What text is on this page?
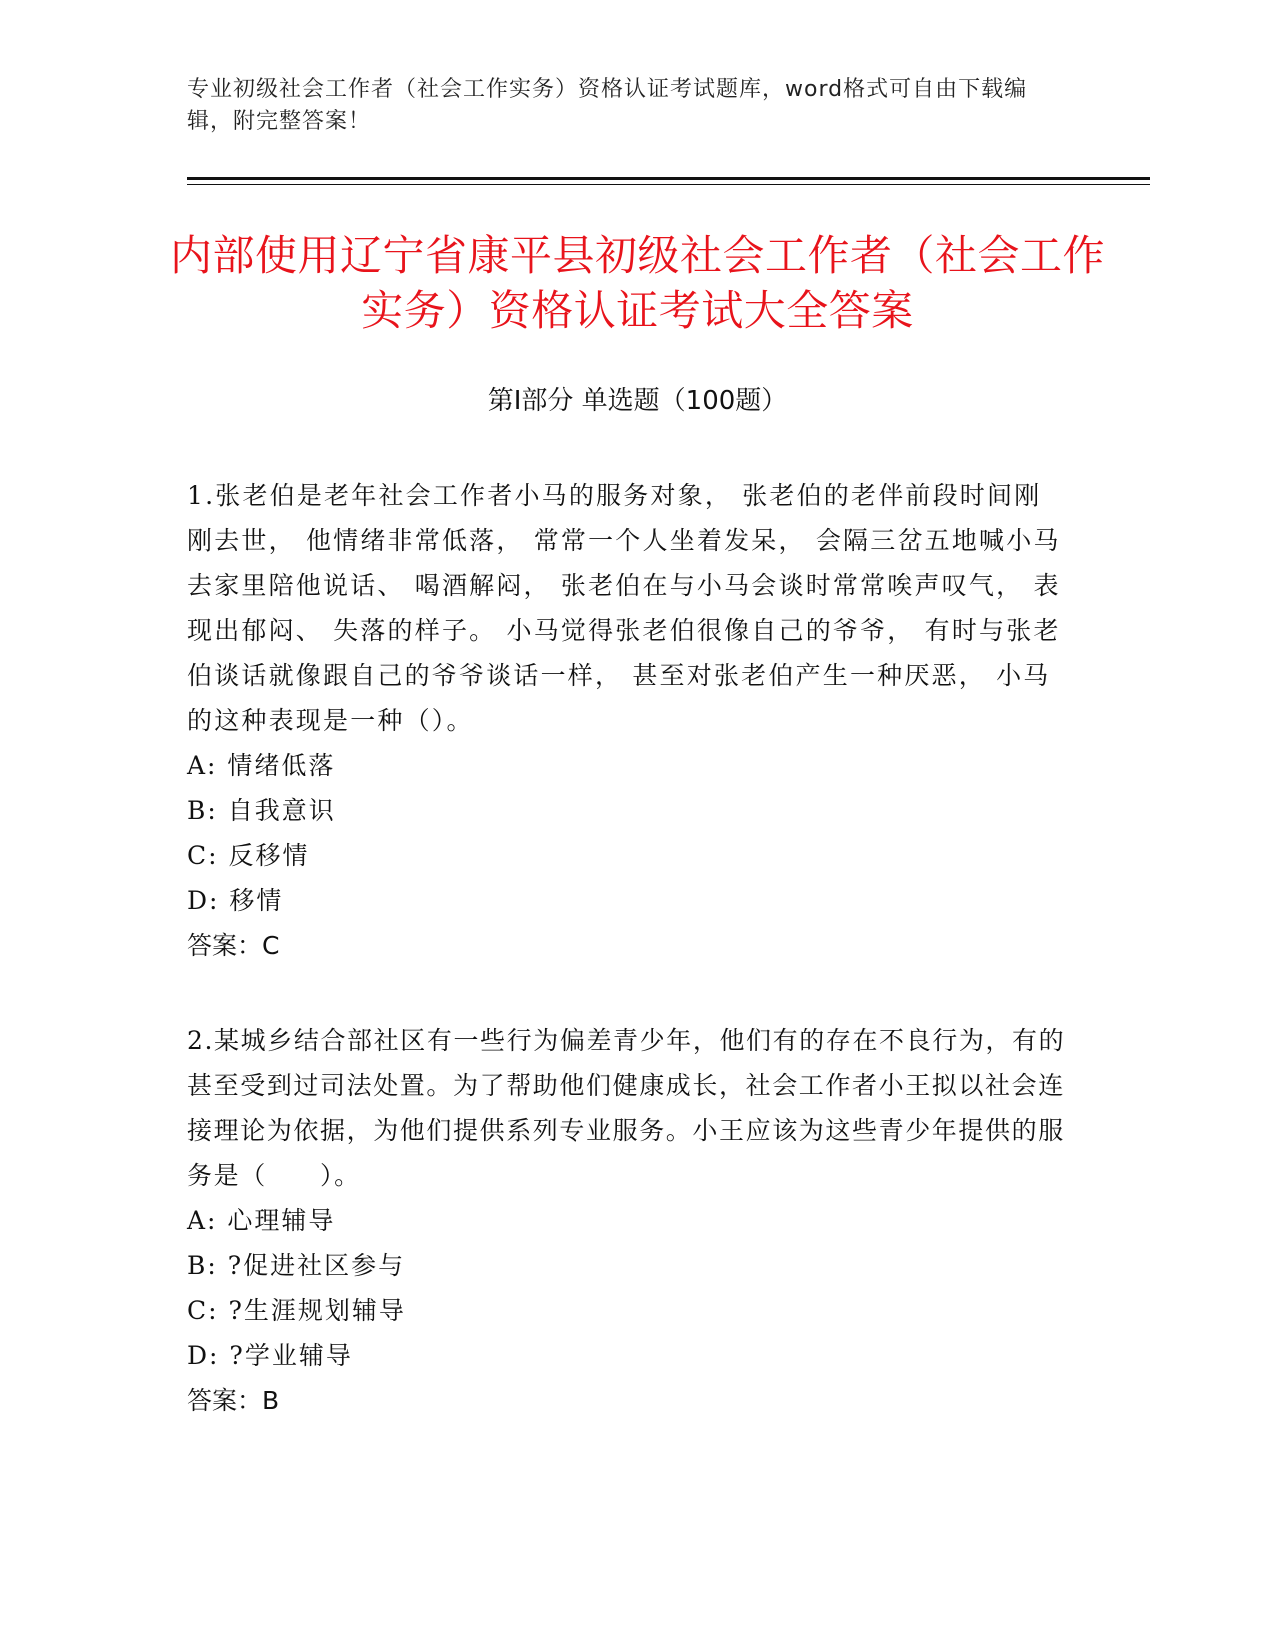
专业初级社会工作者（社会工作实务）资格认证考试题库，word格式可自由下载编辑，附完整答案！
内部使用辽宁省康平县初级社会工作者（社会工作实务）资格认证考试大全答案
第Ⅰ部分 单选题（100题）

1.张老伯是老年社会工作者小马的服务对象， 张老伯的老伴前段时间刚刚去世， 他情绪非常低落， 常常一个人坐着发呆， 会隔三岔五地喊小马去家里陪他说话、 喝酒解闷， 张老伯在与小马会谈时常常唉声叹气， 表现出郁闷、 失落的样子。 小马觉得张老伯很像自己的爷爷， 有时与张老伯谈话就像跟自己的爷爷谈话一样， 甚至对张老伯产生一种厌恶， 小马的这种表现是一种（）。

A: 情绪低落

B: 自我意识

C: 反移情

D: 移情

答案：C

2.某城乡结合部社区有一些行为偏差青少年，他们有的存在不良行为，有的甚至受到过司法处置。为了帮助他们健康成长，社会工作者小王拟以社会连接理论为依据，为他们提供系列专业服务。小王应该为这些青少年提供的服务是（　　）。

A: 心理辅导

B: ?促进社区参与

C: ?生涯规划辅导

D: ?学业辅导

答案：B
